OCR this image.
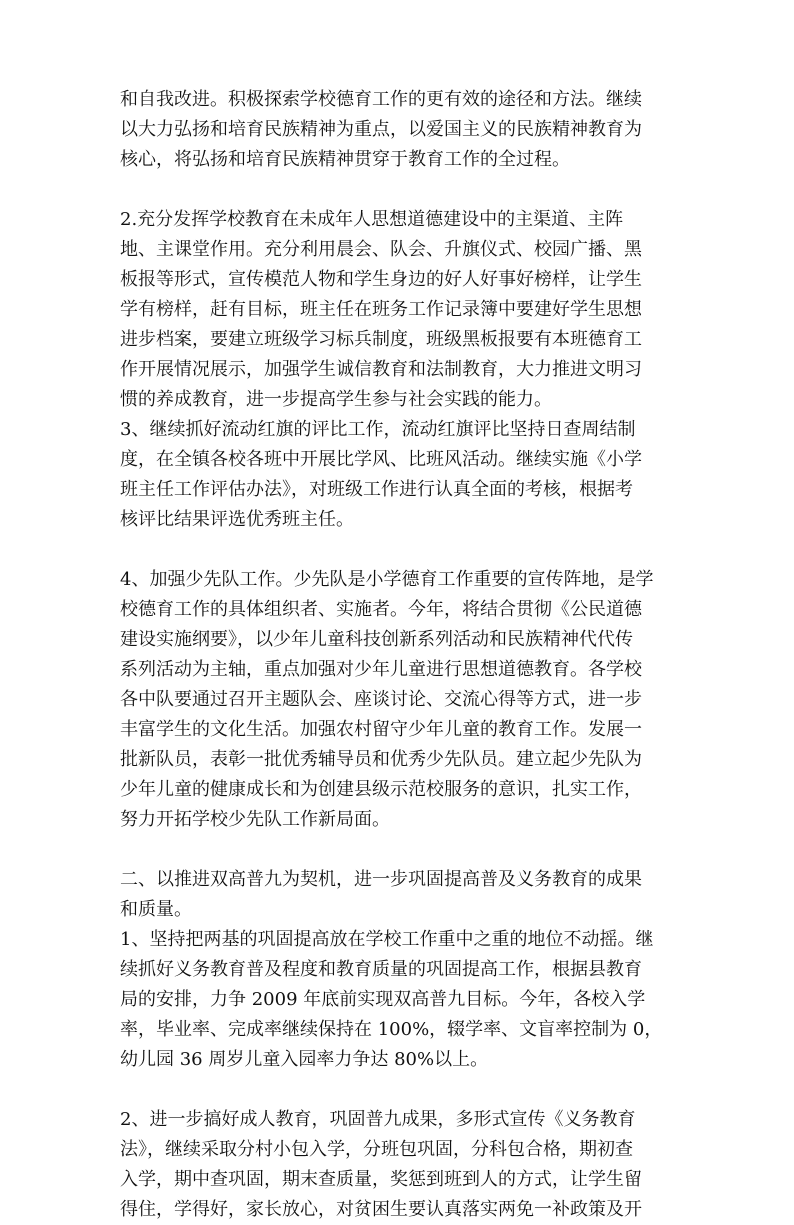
和自我改进。积极探索学校德育工作的更有效的途径和方法。继续
以大力弘扬和培育民族精神为重点，以爱国主义的民族精神教育为
核心，将弘扬和培育民族精神贯穿于教育工作的全过程。
2.充分发挥学校教育在未成年人思想道德建设中的主渠道、主阵
地、主课堂作用。充分利用晨会、队会、升旗仪式、校园广播、黑
板报等形式，宣传模范人物和学生身边的好人好事好榜样，让学生
学有榜样，赶有目标，班主任在班务工作记录簿中要建好学生思想
进步档案，要建立班级学习标兵制度，班级黑板报要有本班德育工
作开展情况展示，加强学生诚信教育和法制教育，大力推进文明习
惯的养成教育，进一步提高学生参与社会实践的能力。
3、继续抓好流动红旗的评比工作，流动红旗评比坚持日查周结制
度，在全镇各校各班中开展比学风、比班风活动。继续实施《小学
班主任工作评估办法》，对班级工作进行认真全面的考核，根据考
核评比结果评选优秀班主任。
4、加强少先队工作。少先队是小学德育工作重要的宣传阵地，是学
校德育工作的具体组织者、实施者。今年，将结合贯彻《公民道德
建设实施纲要》，以少年儿童科技创新系列活动和民族精神代代传
系列活动为主轴，重点加强对少年儿童进行思想道德教育。各学校
各中队要通过召开主题队会、座谈讨论、交流心得等方式，进一步
丰富学生的文化生活。加强农村留守少年儿童的教育工作。发展一
批新队员，表彰一批优秀辅导员和优秀少先队员。建立起少先队为
少年儿童的健康成长和为创建县级示范校服务的意识，扎实工作，
努力开拓学校少先队工作新局面。
二、以推进双高普九为契机，进一步巩固提高普及义务教育的成果
和质量。
1、坚持把两基的巩固提高放在学校工作重中之重的地位不动摇。继
续抓好义务教育普及程度和教育质量的巩固提高工作，根据县教育
局的安排，力争 2009 年底前实现双高普九目标。今年，各校入学
率，毕业率、完成率继续保持在 100%，辍学率、文盲率控制为 0，
幼儿园 36 周岁儿童入园率力争达 80%以上。
2、进一步搞好成人教育，巩固普九成果，多形式宣传《义务教育
法》，继续采取分村小包入学，分班包巩固，分科包合格，期初查
入学，期中查巩固，期末查质量，奖惩到班到人的方式，让学生留
得住，学得好，家长放心，对贫困生要认真落实两免一补政策及开
